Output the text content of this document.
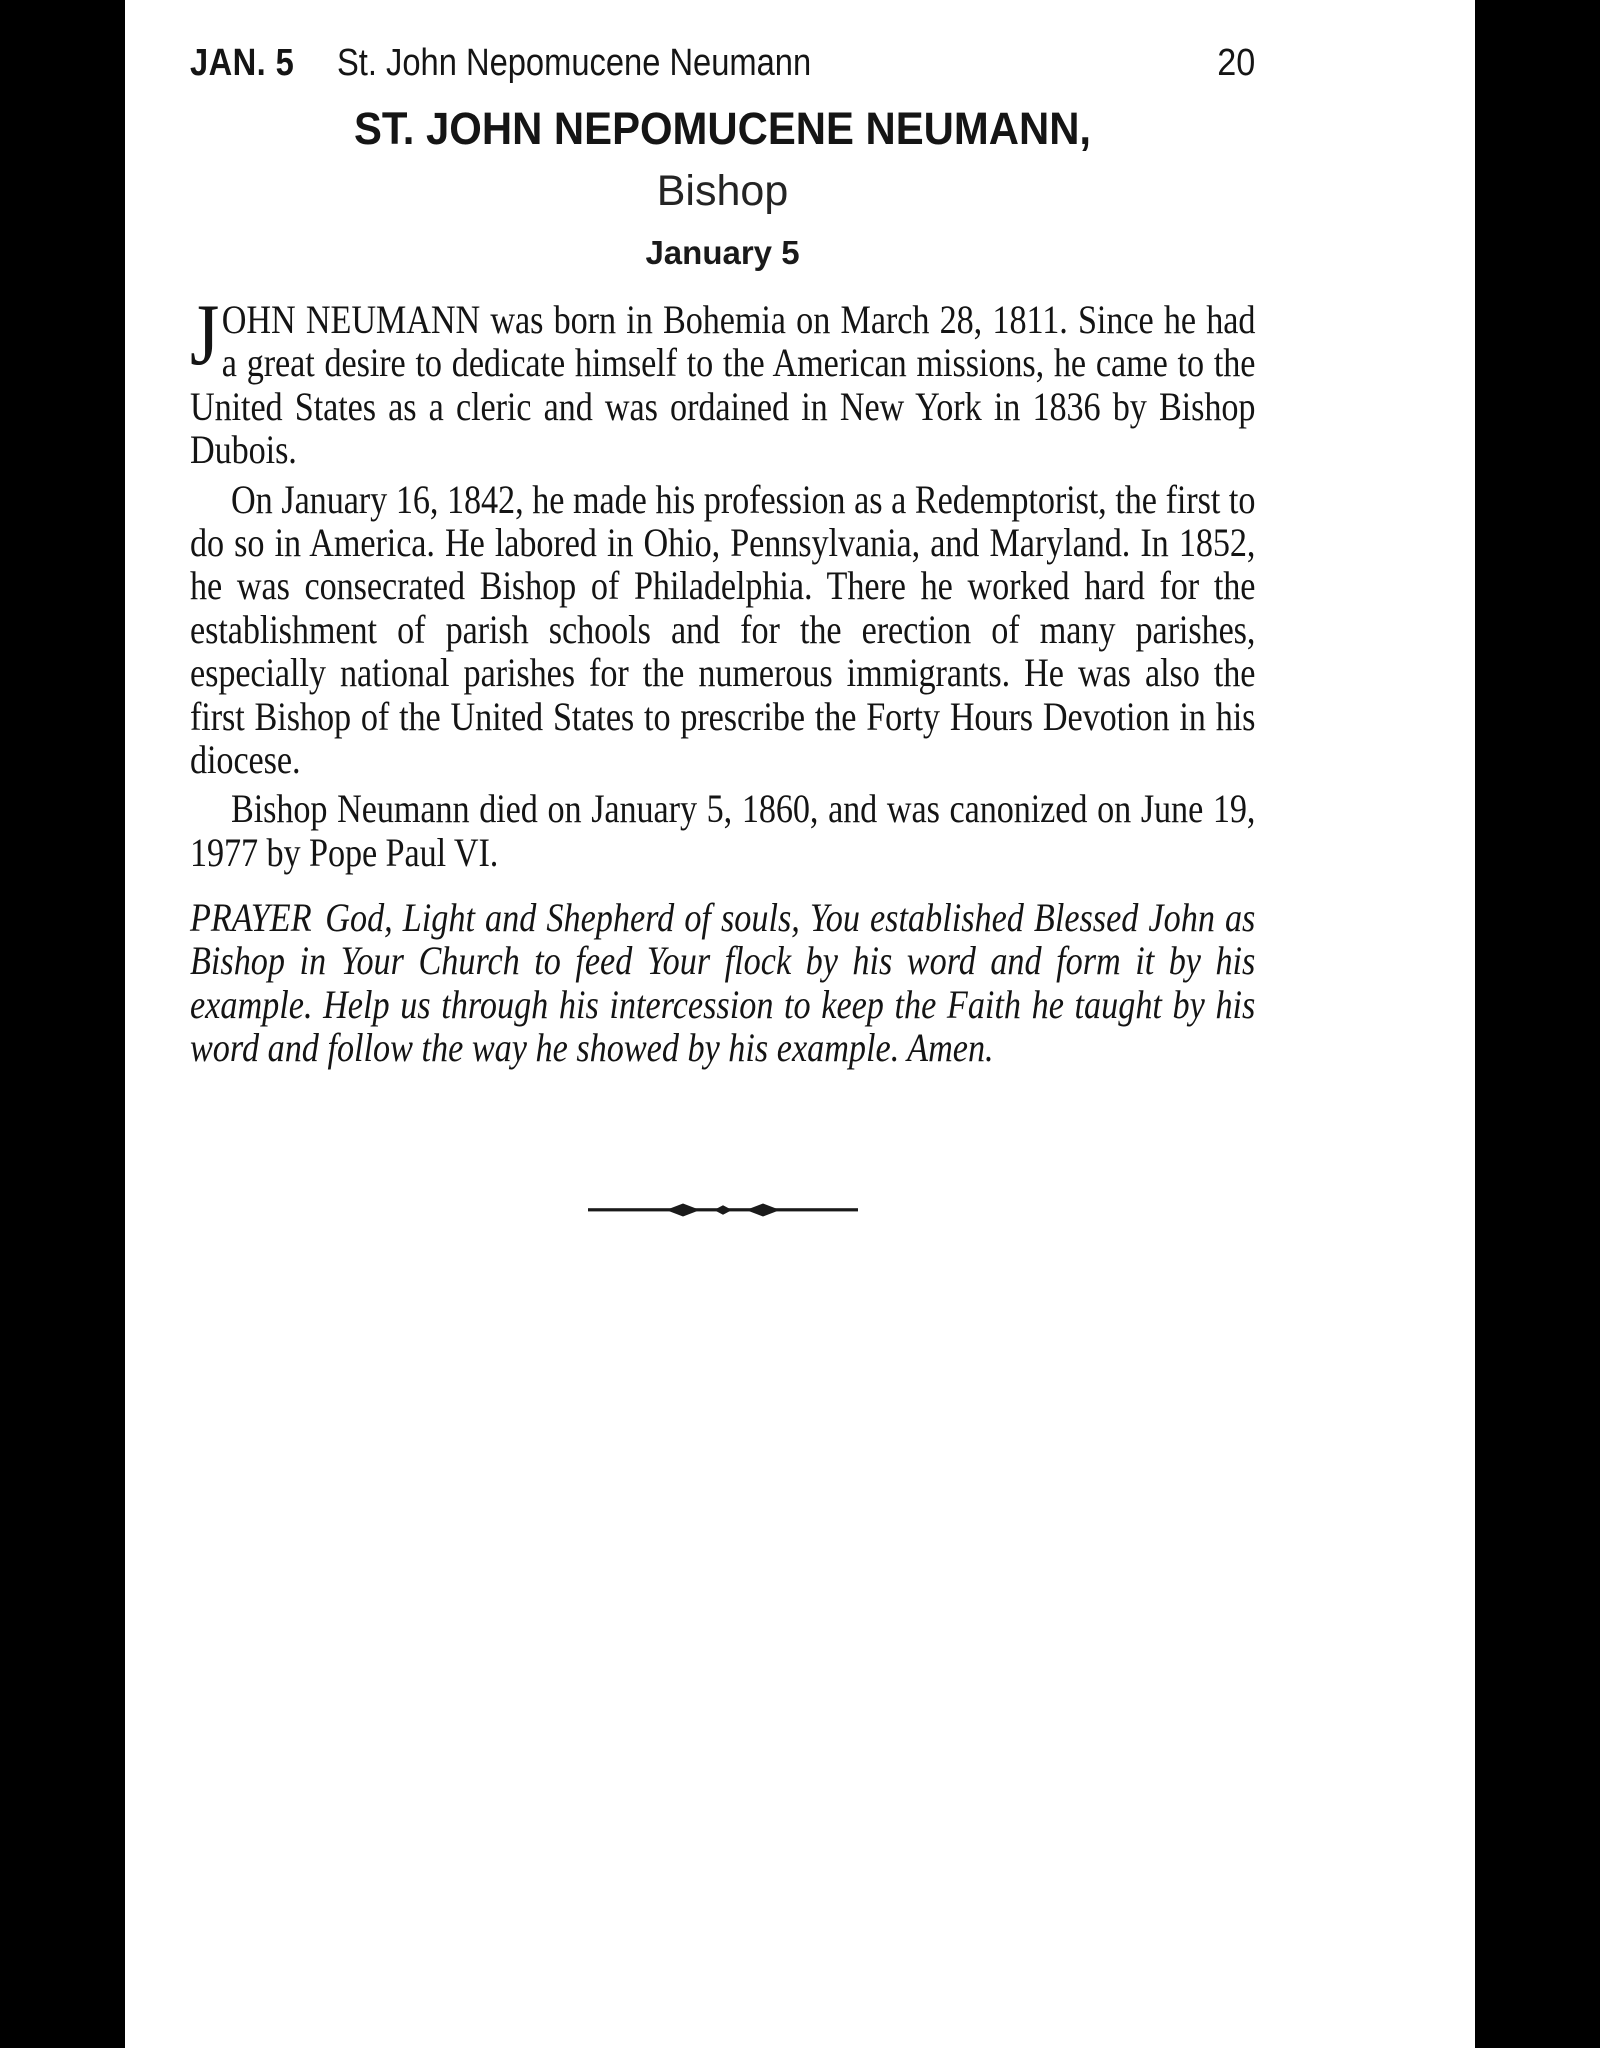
JAN. 5 St. John Nepomucene Neumann	20
ST. JOHN NEPOMUCENE NEUMANN,
Bishop
January 5

JOHN NEUMANN was born in Bohemia on March 28, 1811. Since he had a great desire to dedicate himself to the American missions, he came to the United States as a cleric and was ordained in New York in 1836 by Bishop Dubois.

On January 16, 1842, he made his profession as a Redemptorist, the first to do so in America. He labored in Ohio, Pennsylvania, and Maryland. In 1852, he was consecrated Bishop of Philadelphia. There he worked hard for the establishment of parish schools and for the erection of many parishes, especially national parishes for the numerous immigrants. He was also the first Bishop of the United States to prescribe the Forty Hours Devotion in his diocese.

Bishop Neumann died on January 5, 1860, and was canonized on June 19, 1977 by Pope Paul VI.

PRAYER God, Light and Shepherd of souls, You established Blessed John as Bishop in Your Church to feed Your flock by his word and form it by his example. Help us through his intercession to keep the Faith he taught by his word and follow the way he showed by his example. Amen.
